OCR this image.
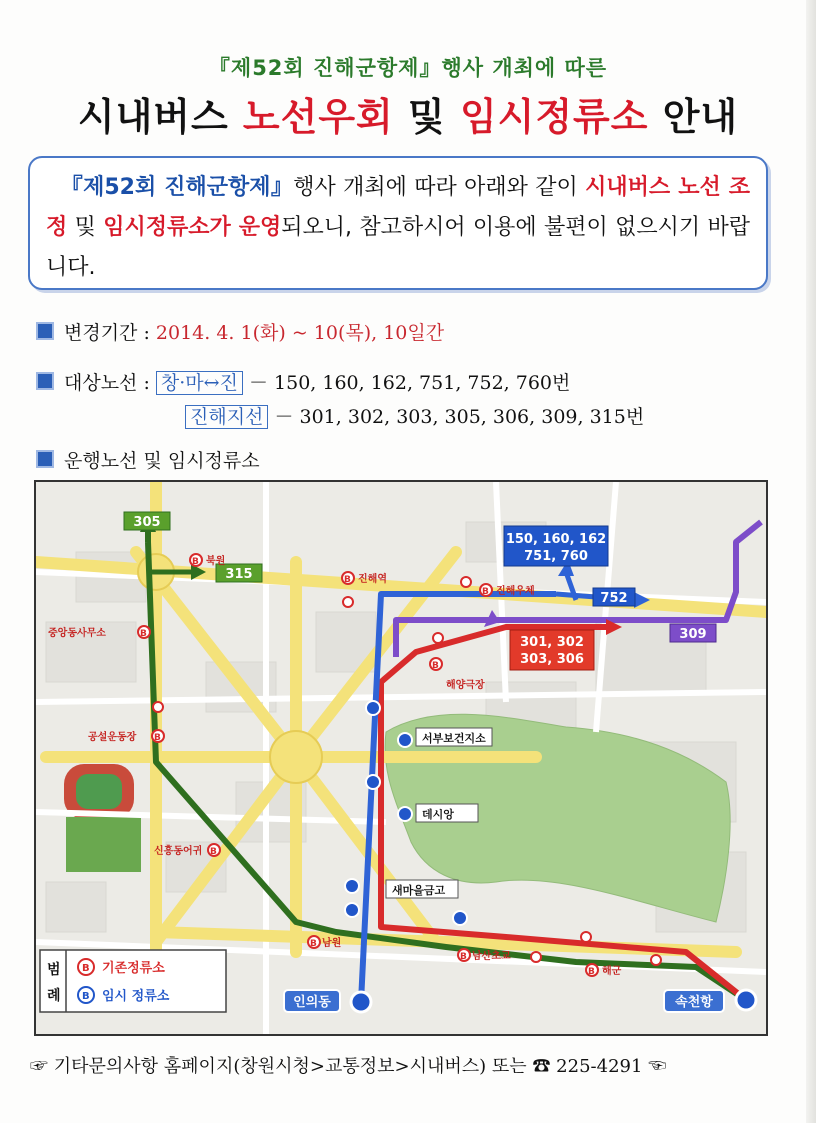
『제52회 진해군항제』행사 개최에 따른
시내버스 노선우회 및 임시정류소 안내

『제52회 진해군항제』행사 개최에 따라 아래와 같이 시내버스 노선 조정 및 임시정류소가 운영되오니, 참고하시어 이용에 불편이 없으시기 바랍니다.

변경기간 : 2014. 4. 1(화) ~ 10(목), 10일간
대상노선 : 창·마↔진 － 150, 160, 162, 751, 752, 760번
진해지선 － 301, 302, 303, 305, 306, 309, 315번
운행노선 및 임시정류소
305
315
150, 160, 162
751, 760
752
301, 302
303, 306
309
B 북원
B 진해역
B 진해우체
B
중앙동사무소
B
공설운동장
B
신흥동어귀
B
해양극장
B 남산초교
B 남원
B 해군
서부보건지소
데시앙
새마을금고
인의동	속천항
범
례
B 기존정류소
B 임시 정류소
☞ 기타문의사항 홈페이지(창원시청>교통정보>시내버스) 또는 ☎ 225-4291 ☜
